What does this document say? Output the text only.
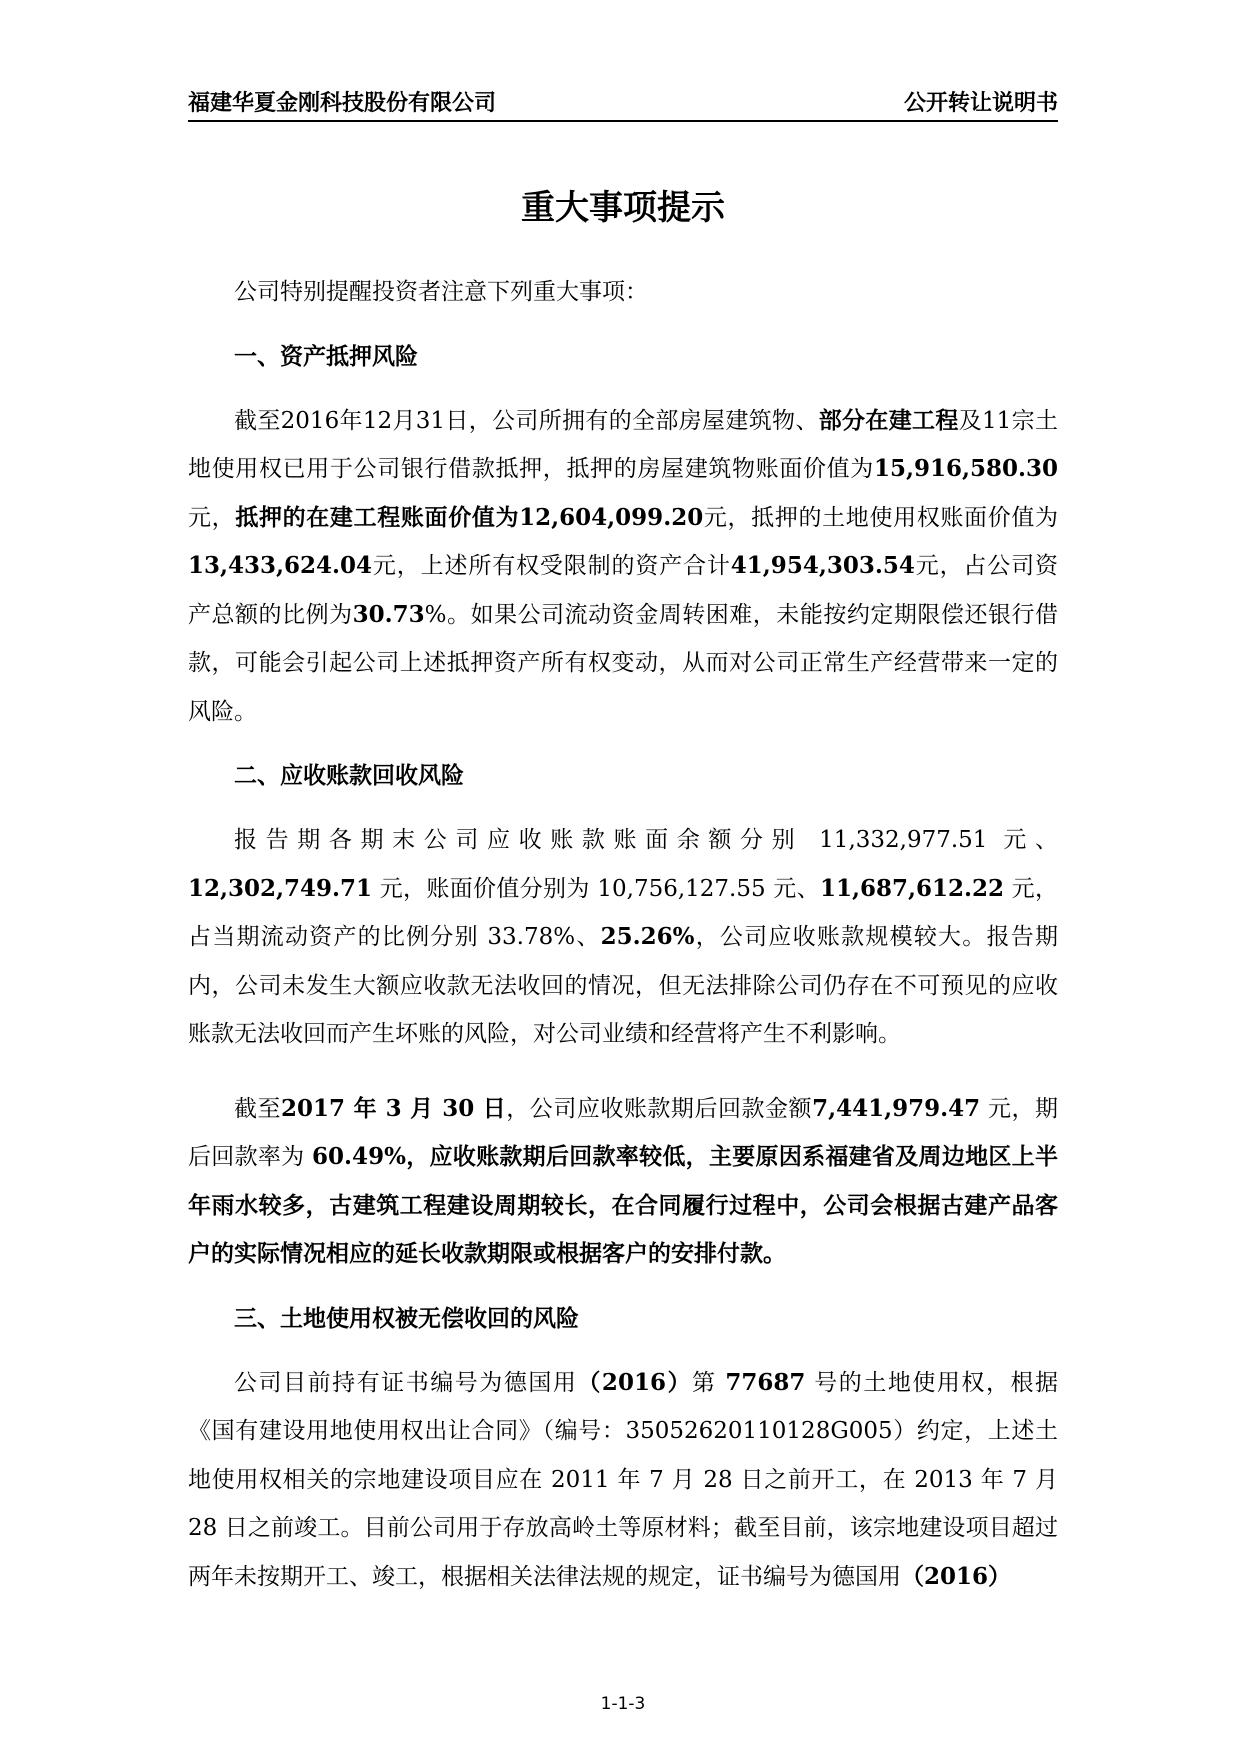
福建华夏金刚科技股份有限公司	公开转让说明书
重大事项提示

公司特别提醒投资者注意下列重大事项：

一、资产抵押风险

截至2016年12月31日，公司所拥有的全部房屋建筑物、部分在建工程及11宗土地使用权已用于公司银行借款抵押，抵押的房屋建筑物账面价值为15,916,580.30元，抵押的在建工程账面价值为12,604,099.20元，抵押的土地使用权账面价值为13,433,624.04元，上述所有权受限制的资产合计41,954,303.54元，占公司资产总额的比例为30.73%。如果公司流动资金周转困难，未能按约定期限偿还银行借款，可能会引起公司上述抵押资产所有权变动，从而对公司正常生产经营带来一定的风险。

二、应收账款回收风险

报告期各期末公司应收账款账面余额分别 11,332,977.51 元、12,302,749.71 元，账面价值分别为 10,756,127.55 元、11,687,612.22 元，占当期流动资产的比例分别 33.78%、25.26%，公司应收账款规模较大。报告期内，公司未发生大额应收款无法收回的情况，但无法排除公司仍存在不可预见的应收账款无法收回而产生坏账的风险，对公司业绩和经营将产生不利影响。

截至2017 年 3 月 30 日，公司应收账款期后回款金额7,441,979.47 元，期后回款率为 60.49%，应收账款期后回款率较低，主要原因系福建省及周边地区上半年雨水较多，古建筑工程建设周期较长，在合同履行过程中，公司会根据古建产品客户的实际情况相应的延长收款期限或根据客户的安排付款。

三、土地使用权被无偿收回的风险

公司目前持有证书编号为德国用（2016）第 77687 号的土地使用权，根据《国有建设用地使用权出让合同》（编号：35052620110128G005）约定，上述土地使用权相关的宗地建设项目应在 2011 年 7 月 28 日之前开工，在 2013 年 7 月 28 日之前竣工。目前公司用于存放高岭土等原材料；截至目前，该宗地建设项目超过两年未按期开工、竣工，根据相关法律法规的规定，证书编号为德国用（2016）

1-1-3
